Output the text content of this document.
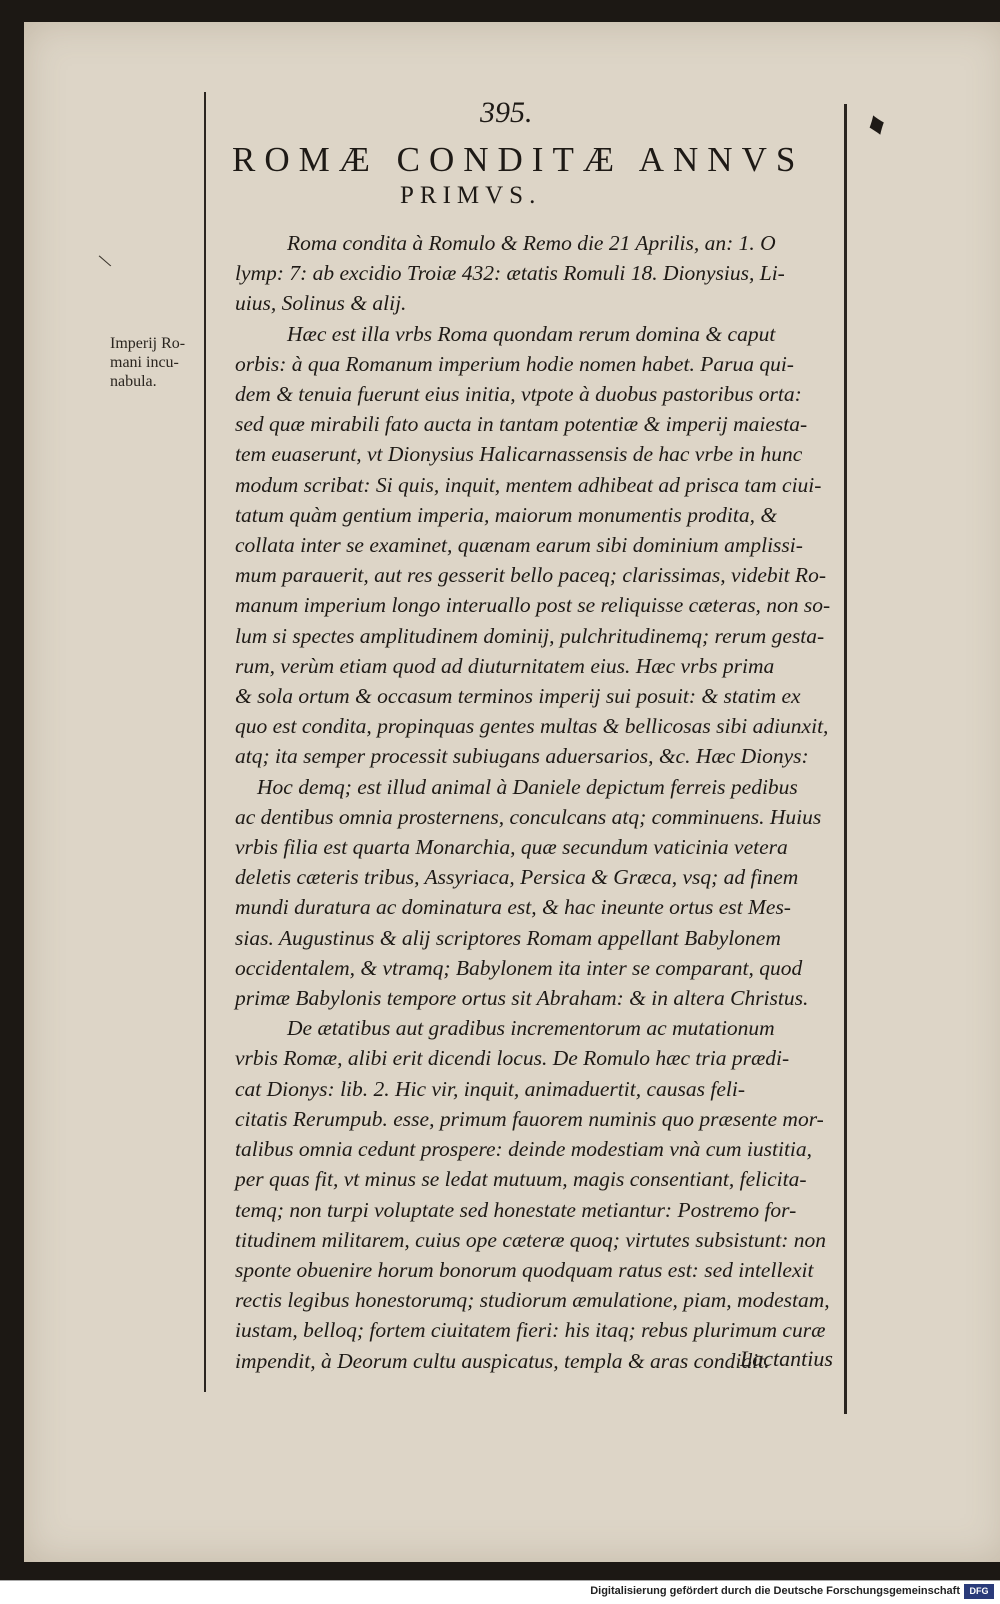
♦
\
395.
ROMÆ CONDITÆ ANNVS
PRIMVS.
Imperij Ro-
mani incu-
nabula.
Roma condita à Romulo & Remo die 21 Aprilis, an: 1. O
lymp: 7: ab excidio Troiæ 432: ætatis Romuli 18. Dionysius, Li-
uius, Solinus & alij.
Hæc est illa vrbs Roma quondam rerum domina & caput
orbis: à qua Romanum imperium hodie nomen habet. Parua qui-
dem & tenuia fuerunt eius initia, vtpote à duobus pastoribus orta:
sed quæ mirabili fato aucta in tantam potentiæ & imperij maiesta-
tem euaserunt, vt Dionysius Halicarnassensis de hac vrbe in hunc
modum scribat: Si quis, inquit, mentem adhibeat ad prisca tam ciui-
tatum quàm gentium imperia, maiorum monumentis prodita, &
collata inter se examinet, quænam earum sibi dominium amplissi-
mum parauerit, aut res gesserit bello paceq; clarissimas, videbit Ro-
manum imperium longo interuallo post se reliquisse cæteras, non so-
lum si spectes amplitudinem dominij, pulchritudinemq; rerum gesta-
rum, verùm etiam quod ad diuturnitatem eius. Hæc vrbs prima
& sola ortum & occasum terminos imperij sui posuit: & statim ex
quo est condita, propinquas gentes multas & bellicosas sibi adiunxit,
atq; ita semper processit subiugans aduersarios, &c. Hæc Dionys:
Hoc demq; est illud animal à Daniele depictum ferreis pedibus
ac dentibus omnia prosternens, conculcans atq; comminuens. Huius
vrbis filia est quarta Monarchia, quæ secundum vaticinia vetera
deletis cæteris tribus, Assyriaca, Persica & Græca, vsq; ad finem
mundi duratura ac dominatura est, & hac ineunte ortus est Mes-
sias. Augustinus & alij scriptores Romam appellant Babylonem
occidentalem, & vtramq; Babylonem ita inter se comparant, quod
primæ Babylonis tempore ortus sit Abraham: & in altera Christus.
De ætatibus aut gradibus incrementorum ac mutationum
vrbis Romæ, alibi erit dicendi locus. De Romulo hæc tria prædi-
cat Dionys: lib. 2. Hic vir, inquit, animaduertit, causas feli-
citatis Rerumpub. esse, primum fauorem numinis quo præsente mor-
talibus omnia cedunt prospere: deinde modestiam vnà cum iustitia,
per quas fit, vt minus se ledat mutuum, magis consentiant, felicita-
temq; non turpi voluptate sed honestate metiantur: Postremo for-
titudinem militarem, cuius ope cæteræ quoq; virtutes subsistunt: non
sponte obuenire horum bonorum quodquam ratus est: sed intellexit
rectis legibus honestorumq; studiorum æmulatione, piam, modestam,
iustam, belloq; fortem ciuitatem fieri: his itaq; rebus plurimum curæ
impendit, à Deorum cultu auspicatus, templa & aras condidit.
Lactantius
Digitalisierung gefördert durch die Deutsche Forschungsgemeinschaft	DFG
